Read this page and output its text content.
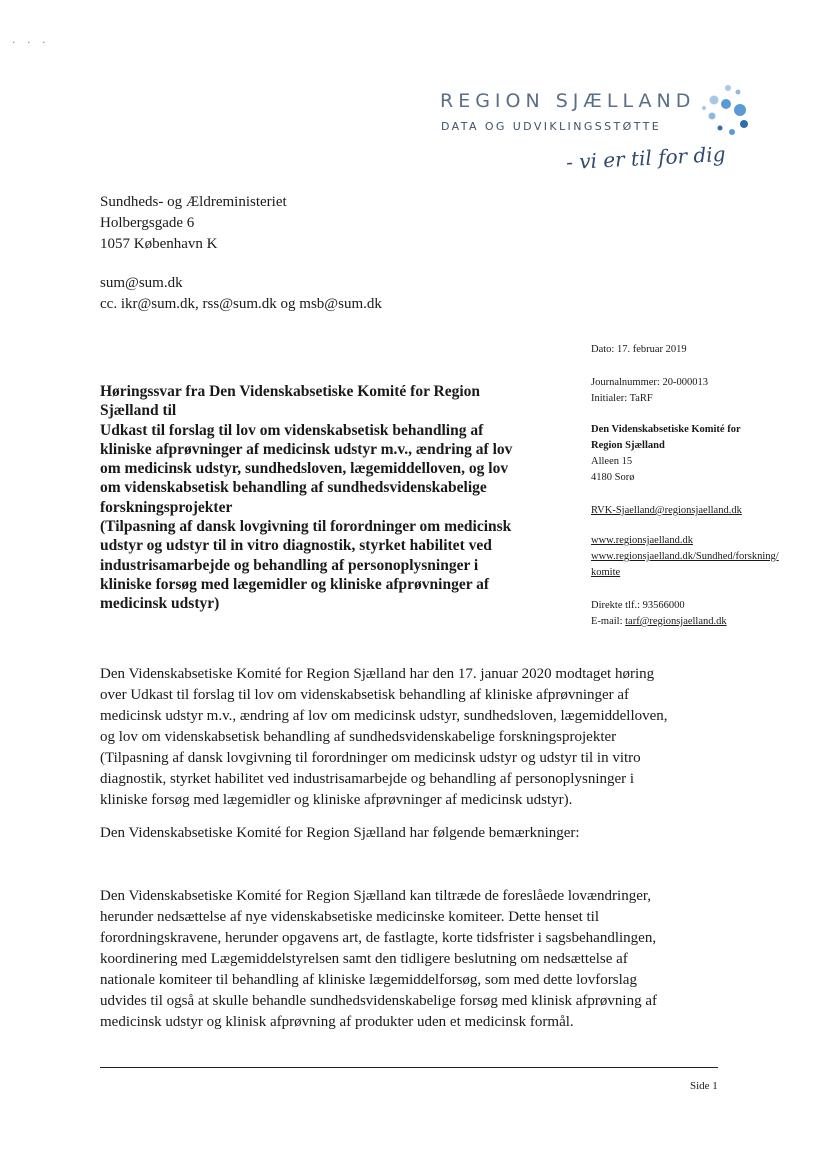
· · ·
REGION SJÆLLAND
DATA OG UDVIKLINGSSTØTTE
- vi er til for dig
Sundheds- og Ældreministeriet
Holbergsgade 6
1057 København K
sum@sum.dk
cc. ikr@sum.dk, rss@sum.dk og msb@sum.dk
Dato: 17. februar 2019
Journalnummer: 20-000013
Initialer: TaRF
Den Videnskabsetiske Komité for
Region Sjælland
Alleen 15
4180 Sorø
RVK-Sjaelland@regionsjaelland.dk
www.regionsjaelland.dk
www.regionsjaelland.dk/Sundhed/forskning/
komite
Direkte tlf.: 93566000
E-mail: tarf@regionsjaelland.dk
Høringssvar fra Den Videnskabsetiske Komité for Region
Sjælland til
Udkast til forslag til lov om videnskabsetisk behandling af
kliniske afprøvninger af medicinsk udstyr m.v., ændring af lov
om medicinsk udstyr, sundhedsloven, lægemiddelloven, og lov
om videnskabsetisk behandling af sundhedsvidenskabelige
forskningsprojekter
(Tilpasning af dansk lovgivning til forordninger om medicinsk
udstyr og udstyr til in vitro diagnostik, styrket habilitet ved
industrisamarbejde og behandling af personoplysninger i
kliniske forsøg med lægemidler og kliniske afprøvninger af
medicinsk udstyr)
Den Videnskabsetiske Komité for Region Sjælland har den 17. januar 2020 modtaget høring
over Udkast til forslag til lov om videnskabsetisk behandling af kliniske afprøvninger af
medicinsk udstyr m.v., ændring af lov om medicinsk udstyr, sundhedsloven, lægemiddelloven,
og lov om videnskabsetisk behandling af sundhedsvidenskabelige forskningsprojekter
(Tilpasning af dansk lovgivning til forordninger om medicinsk udstyr og udstyr til in vitro
diagnostik, styrket habilitet ved industrisamarbejde og behandling af personoplysninger i
kliniske forsøg med lægemidler og kliniske afprøvninger af medicinsk udstyr).
Den Videnskabsetiske Komité for Region Sjælland har følgende bemærkninger:
Den Videnskabsetiske Komité for Region Sjælland kan tiltræde de foreslåede lovændringer,
herunder nedsættelse af nye videnskabsetiske medicinske komiteer. Dette henset til
forordningskravene, herunder opgavens art, de fastlagte, korte tidsfrister i sagsbehandlingen,
koordinering med Lægemiddelstyrelsen samt den tidligere beslutning om nedsættelse af
nationale komiteer til behandling af kliniske lægemiddelforsøg, som med dette lovforslag
udvides til også at skulle behandle sundhedsvidenskabelige forsøg med klinisk afprøvning af
medicinsk udstyr og klinisk afprøvning af produkter uden et medicinsk formål.
Side 1
